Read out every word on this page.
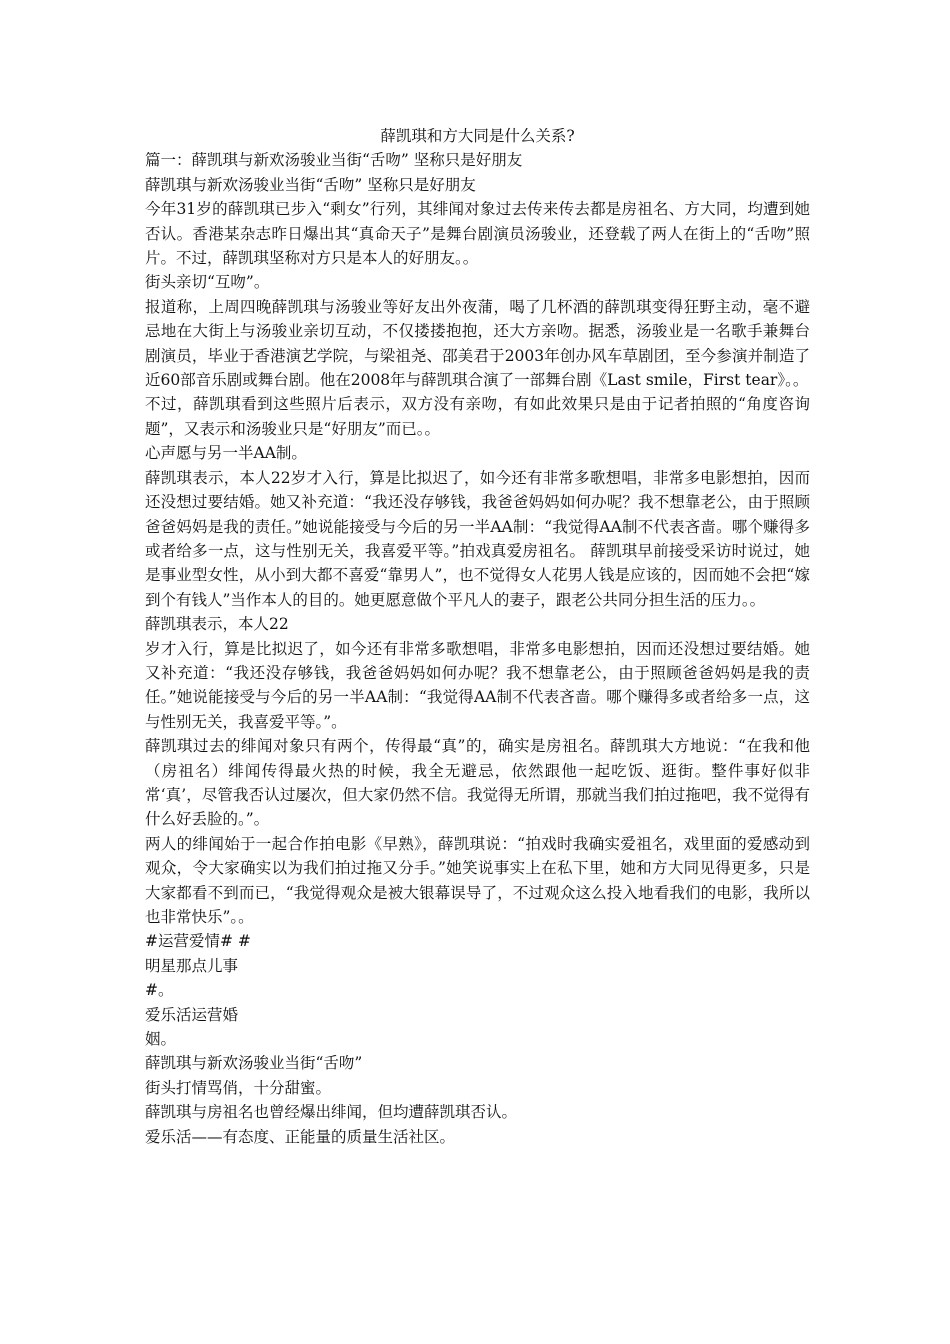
薛凯琪和方大同是什么关系?

篇一：薛凯琪与新欢汤骏业当街“舌吻” 坚称只是好朋友

薛凯琪与新欢汤骏业当街“舌吻” 坚称只是好朋友

今年31岁的薛凯琪已步入“剩女”行列，其绯闻对象过去传来传去都是房祖名、方大同，均遭到她否认。香港某杂志昨日爆出其“真命天子”是舞台剧演员汤骏业，还登载了两人在街上的“舌吻”照片。不过，薛凯琪坚称对方只是本人的好朋友。。

街头亲切“互吻”。

报道称，上周四晚薛凯琪与汤骏业等好友出外夜蒲，喝了几杯酒的薛凯琪变得狂野主动，毫不避忌地在大街上与汤骏业亲切互动，不仅搂搂抱抱，还大方亲吻。据悉，汤骏业是一名歌手兼舞台剧演员，毕业于香港演艺学院，与梁祖尧、邵美君于2003年创办风车草剧团，至今参演并制造了近60部音乐剧或舞台剧。他在2008年与薛凯琪合演了一部舞台剧《Last smile，First tear》。。

不过，薛凯琪看到这些照片后表示，双方没有亲吻，有如此效果只是由于记者拍照的“角度咨询题”，又表示和汤骏业只是“好朋友”而已。。

心声愿与另一半AA制。

薛凯琪表示，本人22岁才入行，算是比拟迟了，如今还有非常多歌想唱，非常多电影想拍，因而还没想过要结婚。她又补充道：“我还没存够钱，我爸爸妈妈如何办呢？我不想靠老公，由于照顾爸爸妈妈是我的责任。”她说能接受与今后的另一半AA制：“我觉得AA制不代表吝啬。哪个赚得多或者给多一点，这与性别无关，我喜爱平等。”拍戏真爱房祖名。 薛凯琪早前接受采访时说过，她是事业型女性，从小到大都不喜爱“靠男人”，也不觉得女人花男人钱是应该的，因而她不会把“嫁到个有钱人”当作本人的目的。她更愿意做个平凡人的妻子，跟老公共同分担生活的压力。。

薛凯琪表示，本人22

岁才入行，算是比拟迟了，如今还有非常多歌想唱，非常多电影想拍，因而还没想过要结婚。她又补充道：“我还没存够钱，我爸爸妈妈如何办呢？我不想靠老公，由于照顾爸爸妈妈是我的责任。”她说能接受与今后的另一半AA制：“我觉得AA制不代表吝啬。哪个赚得多或者给多一点，这与性别无关，我喜爱平等。”。

薛凯琪过去的绯闻对象只有两个，传得最“真”的，确实是房祖名。薛凯琪大方地说：“在我和他（房祖名）绯闻传得最火热的时候，我全无避忌，依然跟他一起吃饭、逛街。整件事好似非常‘真’，尽管我否认过屡次，但大家仍然不信。我觉得无所谓，那就当我们拍过拖吧，我不觉得有什么好丢脸的。”。

两人的绯闻始于一起合作拍电影《早熟》，薛凯琪说：“拍戏时我确实爱祖名，戏里面的爱感动到观众，令大家确实以为我们拍过拖又分手。”她笑说事实上在私下里，她和方大同见得更多，只是大家都看不到而已，“我觉得观众是被大银幕误导了，不过观众这么投入地看我们的电影，我所以也非常快乐”。。

#运营爱情# #

明星那点儿事

#。

爱乐活运营婚

姻。

薛凯琪与新欢汤骏业当街“舌吻”

街头打情骂俏，十分甜蜜。

薛凯琪与房祖名也曾经爆出绯闻，但均遭薛凯琪否认。

爱乐活——有态度、正能量的质量生活社区。
